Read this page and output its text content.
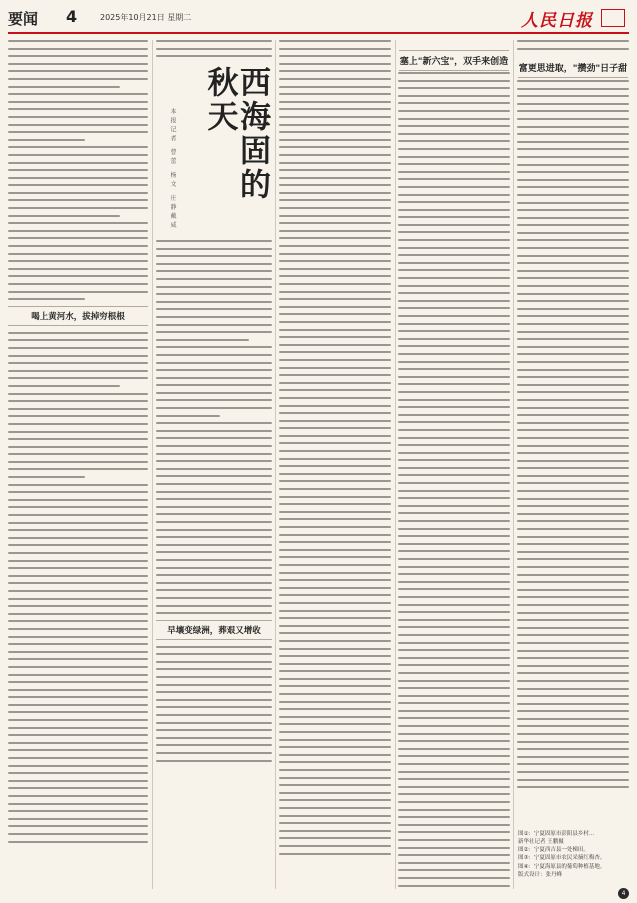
要闻 4	2025年10月21日 星期二	人民日报
喝上黄河水，拔掉穷根根
西海固的秋天
本报记者 曹蕾 杨文 庄静戴威
早壤变绿洲，葬艰又增收
塞上"新六宝"，双手来创造
富更思进取，"攒劲"日子甜
图①：宁夏固原市彭阳县乡村...
新华社记者 王鹏摄
图②：宁夏西吉县一处梯田。
图③：宁夏固原市农民采摘红梅杏。
图④：宁夏海原县的葡萄种植基地。
版式设计：张丹峰
4
